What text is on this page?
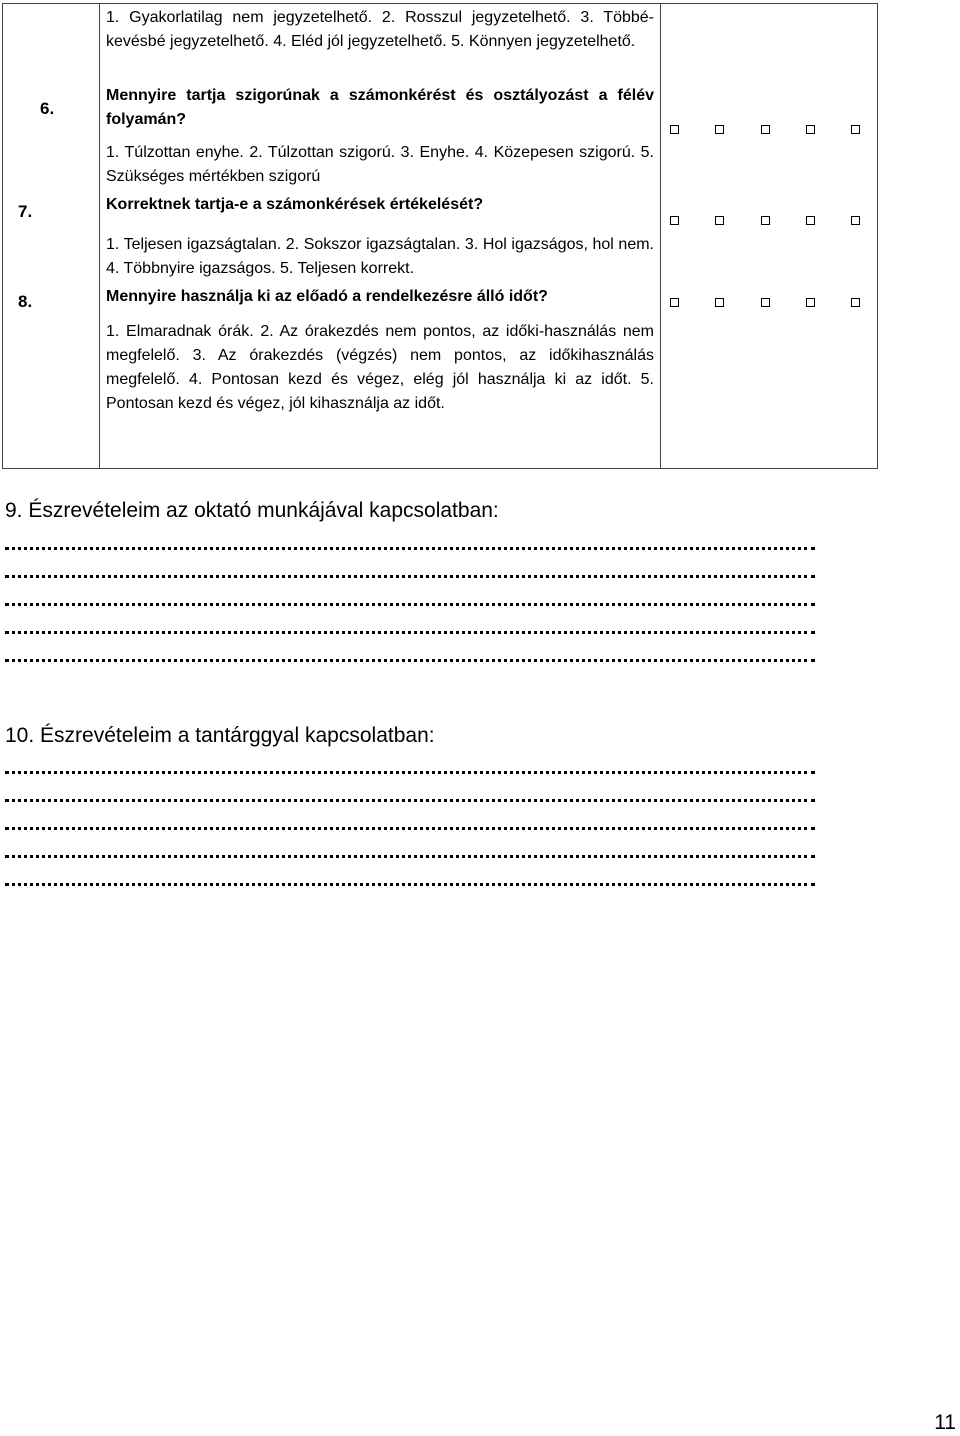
1. Gyakorlatilag nem jegyzetelhető. 2. Rosszul jegyzetelhető. 3. Többé-kevésbé jegyzetelhető. 4. Eléd jól jegyzetelhető. 5. Könnyen jegyzetelhető.
6.
Mennyire tartja szigorúnak a számonkérést és osztályozást a félév folyamán?
1. Túlzottan enyhe. 2. Túlzottan szigorú. 3. Enyhe. 4. Közepesen szigorú. 5. Szükséges mértékben szigorú
7.	Korrektnek tartja-e a számonkérések értékelését?
1. Teljesen igazságtalan. 2. Sokszor igazságtalan. 3. Hol igazságos, hol nem. 4. Többnyire igazságos. 5. Teljesen korrekt.
8.	Mennyire használja ki az előadó a rendelkezésre álló időt?
1. Elmaradnak órák. 2. Az órakezdés nem pontos, az időki-használás nem megfelelő. 3. Az órakezdés (végzés) nem pontos, az időkihasználás megfelelő. 4. Pontosan kezd és végez, elég jól használja ki az időt. 5. Pontosan kezd és végez, jól kihasználja az időt.
9. Észrevételeim az oktató munkájával kapcsolatban:
10. Észrevételeim a tantárggyal kapcsolatban:
11
